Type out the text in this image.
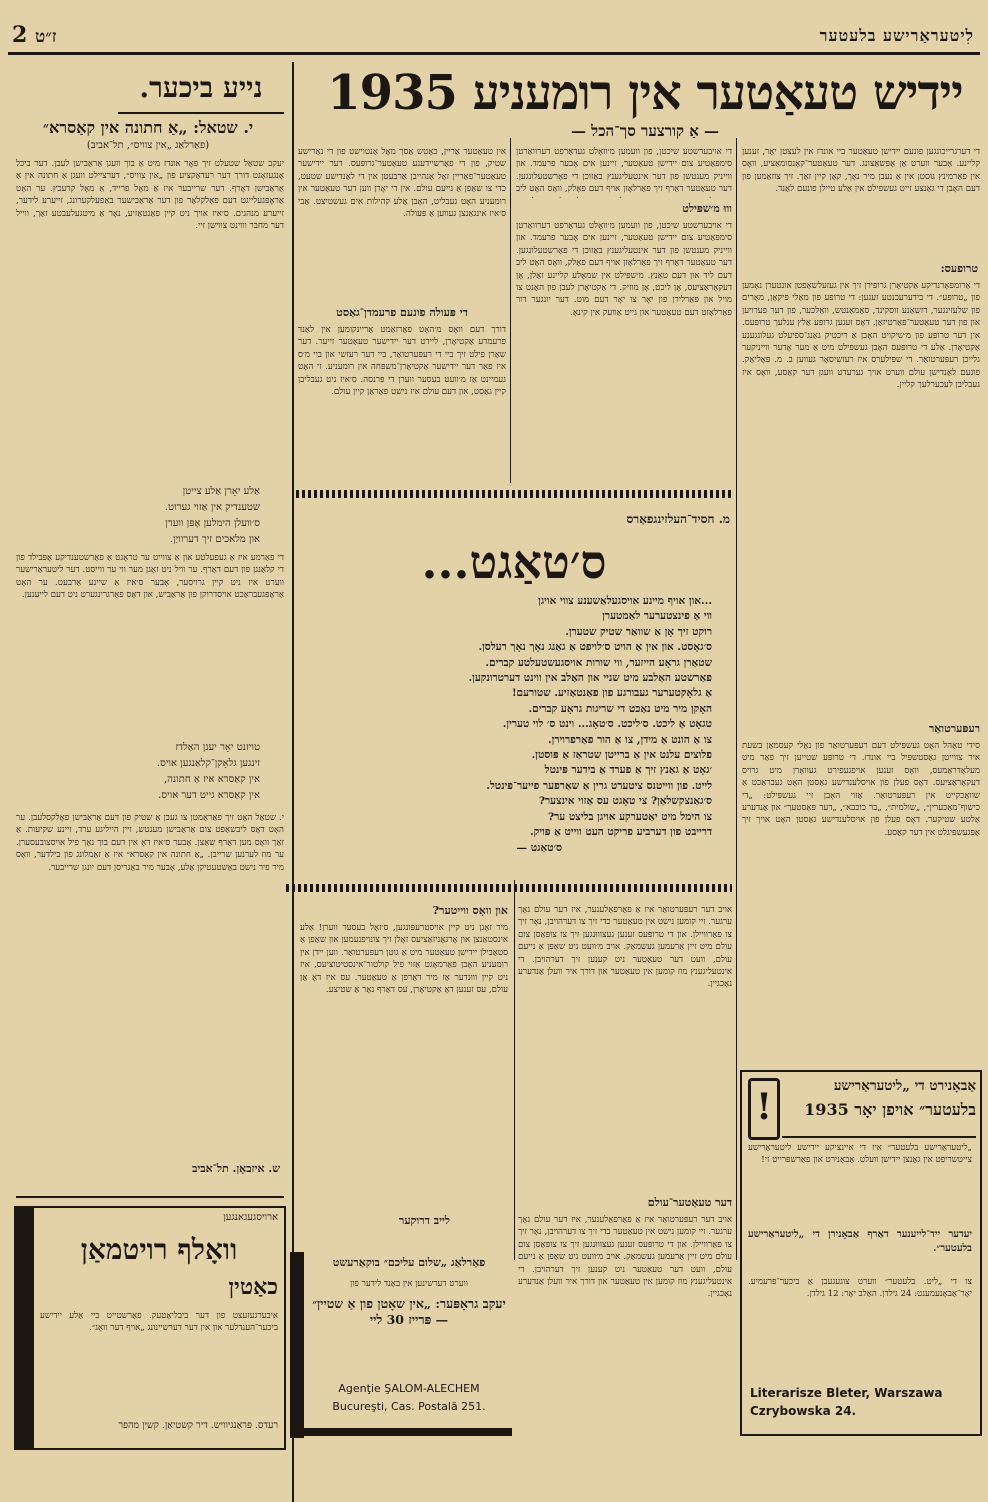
לִיטעראַרישע בלעטער
ז״ט 2
יידיש טעאַטער אין רומעניע 1935
— אַ קורצער סך־הכל —
נייע ביכער.
די דערגרייכונגען פונעם יידישן טעאַטער ביי אונדז אין לעצטן יאָר, זענען קליינע. אָבער ווערט אַן אָפּשאַצונג. דער טעאַטער־קאָנסומאַציע, וואָס אין פאַרמינץ גוּסטן אין אַ נעבן מיר נאָך, קאָן קיין זאַך. זיך צוזאַמען פון דעם האָבן די גאַנצע זייט געשפילט אין אַלע טיילן פונעם לאַנד.
טרופעס:
די אַרומפאָרנדיקע אַקטיאָרן גרופּירן זיך אין געזעלשאַפטן אונטערן נאָמען פון „טרופּע״. די בידערעכנטע זענען: די טרופּע פון מאַלי פּיקאָן, מאָרים פון שלעזינגער, דזשאַנע זוסקינד, סאַמאַנטש, וואַלכער, פון דער פערויען און פון דער טעאַטער־פּאַרטיזאַן. דאָס זענען גרופּע אַלץ ענלעך טרופּעס. אין דער טרופּע פון מ׳שיקויט האָבן אַ ריכטיק גאַנג־ספיעלט געלונגענע אַקטיאָרן. אַלע די טרופּעס האָבן געשפּילט מיט אַ מער אָדער ווייניקער גלייכן רעפּערטואַר. די שפּילערס איז רעזשיסאָר געווען ב. מ. פּאָליאַק. פונעם לאַנדישן עולם ווערט אויך גערעדט וועגן דער קאַסע, וואָס איז געבליבן לעכערלעך קליין.
רעפּערטואַר
סידי טאַהל האָט געשפּילט דעם רעפּערטואַר פון נאַלי קעסמאַן בשעת איר צווייטן גאַסטשפּיל ביי אונדז. די טרופּע שטייען זיך פאַר מיט מעלאָדראַמעס, וואָס זענען אויפגעפירט געוואָרן מיט גרויס דעקאָראַציעס. דאָס פעלן פון אויסלענדישע גאַסטן האָט געבראַכט אַ שוואַכקייט אין רעפּערטואַר. אַזוי האָבן זיי געשפּילט: „די כישוף־מאַכערין״, „שולמית״, „בר כוכבא״, „דער פּאַסטעך״ און אַנדערע אַלטע שטיקער. דאָס פעלן פון אויסלענדישע גאַסטן האָט אויך זיך אָפּגעשפּיגלט אין דער קאַסע.
!	אַבאָנירט די „ליטעראַרישע
בלעטער״ אויפן יאָר 1935
„ליטעראַרישע בלעטער״ איז די איינציקע יידישע ליטעראַרישע צייטשריפט אין גאַנצן יידישן וועלט. אַבאָנירט און פאַרשפּרייט זי!
יעדער ייד־לייענער דאַרף אַבאָנירן די „ליטעראַרישע בלעטער״.
צו די „ליט. בלעטער״ ווערט צוגעגעבן אַ ביכער־פּרעמיע. יאָר־אַבאָנעמענט: 24 גילדן. האַלב יאָר: 12 גילדן.
Literarisze Bleter, Warszawa Czrybowska 24.
די אויבערשטע שיכטן, פון וועמען מ׳וואָלט געדאַרפט דערוואַרטן סימפּאַטיע צום יידישן טעאַטער, זיינען אים אָבער פרעמד. און ווייניק מענטשן פון דער אינטעליגענץ באַזוכן די פאָרשטעלונגען. דער טעאַטער דאַרף זיך פאַרלאָזן אויף דעם פאָלק, וואָס האָט ליב
וווּ מ׳שפּילט
די אויבערשטע שיכטן, פון וועמען מ׳וואָלט געדאַרפט דערוואַרטן סימפּאַטיע צום יידישן טעאַטער, זיינען אים אָבער פרעמד. און ווייניק מענטשן פון דער אינטעליגענץ באַזוכן די פאָרשטעלונגען. דער טעאַטער דאַרף זיך פאַרלאָזן אויף דעם פאָלק, וואָס האָט ליב דעם ליד און דעם טאַנץ. מ׳שפּילט אין שמאָלע קליינע זאַלן, אָן דעקאָראַציעס, אָן ליכט, אָן מוזיק. די אַקטיאָרן לעבן פון האַנט צו מויל און פאַרלירן פון יאָר צו יאָר דעם מוט. דער יונגער דור פאַרלאָזט דעם טעאַטער און גייט אַוועק אין קינאָ.
אין טעאַטער אַריין, כאָטש אַסך מאָל אַנטוישט פון די נאַרישע שטיק, פון די פאַרשיידענע טעאַטער־גרופּעס. דער יידישער טעאַטער־פאַריין זאָל אָנהייבן אַרבעטן אין די לאַנדישע שטעט, כדי צו שאַפן אַ נייעם עולם. אין די יאָרן ווען דער טעאַטער אין רומעניע האָט געבליט, האָבן אַלע קהילות אים געשטיצט. אַבי ס׳איז אינגאַנצן געווען אַ פּעולה.
די פּעולה פונעם פרעמדן־גאַסט
דורך דעם וואָס מ׳האָט פאַרזאַמט אַריינקומען אין לאַנד פרעמדע אַקטיאָרן, ליידט דער יידישער טעאַטער זייער. דער שאַרן פילט זיך ביי די רעפּערטואַר, ביי דער רעזשי און ביי מ׳ס איז פאַר דער יידישער אַקטיאָרן־משפּחה אין רומעניע. זי האָט געמיינט אַז מ׳וועט בעסער ווערן די פּרנסה. ס׳איז ניט געבליבן קיין גאַסט, און דעם עולם איז נישט פאַראַן קיין עולם.
מ. חסיד־העלזינגפאַרס
ס׳טאַגט...
...און אויף מיינע אויסגעלאַשענע צווי אויגן
ווי אַ פינצטערער לאַמטערן
רוקט זיך אָן אַ שוואַר שטיק שטערן.
ס׳גאָסט. און אין אַ הויט ס׳לויפט אַ גאַנג נאָך נאָך רעלסן.
שטאַרן גראָע הייזער, ווי שורות אויסגעשטעלטע קברים.
פאַרשטע האַלבע מיט שניי און האַלב אין ווינט דערטרונקען.
אַ גלאָקטערער געבורגע פון פאַנטאַזיע. שטורעם!
האָקן מיר מיט נאַכט די שריגות גראָע קברים.
טגאָט אַ ליכט. ס׳ליכט. ס׳טאָג... וינט ס׳ לוי טערין.
צו אַ הונט אַ מידן, צו אַ הור פאַרפרוירן.
פלוצים עלנט אין אַ ברייטן שטראַז אַ פּוסטן.
׳גאָט אַ גאַנץ זיך אַ פערד אַ בידער פּינטל
לייט. פון ווייטנס ציטערט גרין אַ שאַרפער פייער־פּינטל.
ס׳גאַנצקשלאַן? צי טאָגט עס אַזוי אינצער?
צו הימל מיט יאַטערקע אויגן בליצט ער?
דרייבט פון דערביע פריקט העט ווייט אַ פּויק.
ס׳טאַגט —
אויב דער רעפּערטואַר איז אַ פאַרפאַלענער, איז דער עולם נאָך ערגער. זיי קומען נישט אין טעאַטער כדי זיך צו דערהויבן, נאָר זיך צו פאַרוויילן. און די טרופּעס זענען געצוווּנגען זיך צו צופּאַסן צום עולם מיט זיין אַרעמען געשמאַק. אויב מ׳וועט ניט שאַפן אַ נייעם עולם, וועט דער טעאַטער ניט קענען זיך דערהויבן. די אינטעליגענץ מוז קומען אין טעאַטער און דורך איר וועלן אַנדערע נאָכגיין.
דער טעאַטער־עולם
אויב דער רעפּערטואַר איז אַ פאַרפאַלענער, איז דער עולם נאָך ערגער. זיי קומען נישט אין טעאַטער כדי זיך צו דערהויבן, נאָר זיך צו פאַרוויילן. און די טרופּעס זענען געצוווּנגען זיך צו צופּאַסן צום עולם מיט זיין אַרעמען געשמאַק. אויב מ׳וועט ניט שאַפן אַ נייעם עולם, וועט דער טעאַטער ניט קענען זיך דערהויבן. די אינטעליגענץ מוז קומען אין טעאַטער און דורך איר וועלן אַנדערע נאָכגיין.
און וואָס ווייטער?
מיר זאָגן ניט קיין אויסטרעפּונגען, ס׳זאָל בעסער ווערן! אַלע אינסטאַנצן און אָרגאַניזאַציעס זאָלן זיך צונויפנעמען און שאַפן אַ סטאַבילן יידישן טעאַטער מיט אַ גוטן רעפּערטואַר. ווען יידן אין רומעניע האָבן פאַרמאָגט אַזוי פיל קולטור־אינסטיטוציעס, איז ניט קיין וווּנדער אַז מיר דאַרפן אַ טעאַטער. עס איז דאָ אַן עולם, עס זענען דאָ אַקטיאָרן, עס דאַרף נאָר אַ שטיצע.
לייב דרוקער
פאַרלאַג „שלום עליכם״ בוקאַרעשט
ווערט דערשינען אין באַנד לידער פון
יעקב גראָפּער: „אין שאָטן פון אַ שטיין״ — פּרייז 30 ליי
Agenţie ŞALOM-ALECHEM
Bucureşti, Cas. Postală 251.
י. שטאל: „אַ חתונה אין קאַסרא״
(פאַרלאַג „אין צוויס״, תל־אביב)
יעקב שטאַל שטעלט זיך פאָר אונדז מיט אַ בוך וועגן אַראַבישן לעבן. דער ביכל אָנגעזאָגט דורך דער רעדאַקציע פון „אין צוויס״, דערציילט וועגן אַ חתונה אין אַ אַראַבישן דאָרף. דער שרייבער איז אַ מאָל פרייד, אַ מאָל קרעכץ. ער האָט אַראָפּגעלייגט דעם פאָלקלאָר פון דער אַראַבישער באַפעלקערונג, זייערע לידער, זייערע מנהגים. ס׳איז אויך ניט קיין פאַנטאַזיע, נאָר אַ מיטגעלעבטע זאַך, ווייל דער מחבר וווינט צווישן זיי.
אַלע יאָרן אַלע צייטן
שטענדיק אין אַזוי גערוט.
ס׳וועלן הימלען אָפּן ווערן
און מלאכים זיך דערוויַן.
די פאַרמע איז אַ געפעלטע און אַ צווייט ער טראָגט אַ פאַרשטענדיקע אָפּבילד פון די קלאַנגן פון דעם דאָרף. ער וויל ניט זאָגן מער ווי ער ווייסט. דער ליטעראַרישער ווערט איז ניט קיין גרויסער, אָבער ס׳איז אַ שיינע אַרבעט. ער האָט אַראָפּגעבראַכט אויסדרוקן פון אַראַביש, און דאָס פאַרגרינגערט ניט דעם לייענען.
טויזנט יאָר יענן האַלדז
זינגען גלאָקן־קלאַנגען אויס.
אין קאַסרא איז אַ חתונה,
אין קאַסרא גייט דער אויס.
י. שטאַל האָט זיך פאַראַמטן צו געבן אַ שטיק פון דעם אַראַבישן פאָלקסלעבן. ער האָט דאָס ליבשאַפט צום אַראַבישן מענטש, זיין הייליגע ערד, זיינע שקיעות. אַ זאַך וואָס מען דאַרף שאַצן. אָבער ס׳איז דאָ אין דעם בוך נאָך פיל אויסצובעסערן. ער מוז לערנען שרייבן. „אַ חתונה אין קאַסרא״ איז אַ זאַמלונג פון בילדער, וואָס מיר פיר נישט באַשטעטיקן אַלע, אָבער מיר באַגריסן דעם יונגן שרייבער.
ש. איזבאָן. תל־אביב
ארויסגעגאנגען
וואָלף רויטמאַן
כאַטין
איבערגעזעצט פון דער ביבליאָטעק. פאַרשטייט ביי אַלע יידישע ביכער־הענדלער און אין דער דערשיינונג „אויף דער וואָג״.
רעדס. פּראַנגיוויש. דיר קשטיאַן. קשין מהפר
